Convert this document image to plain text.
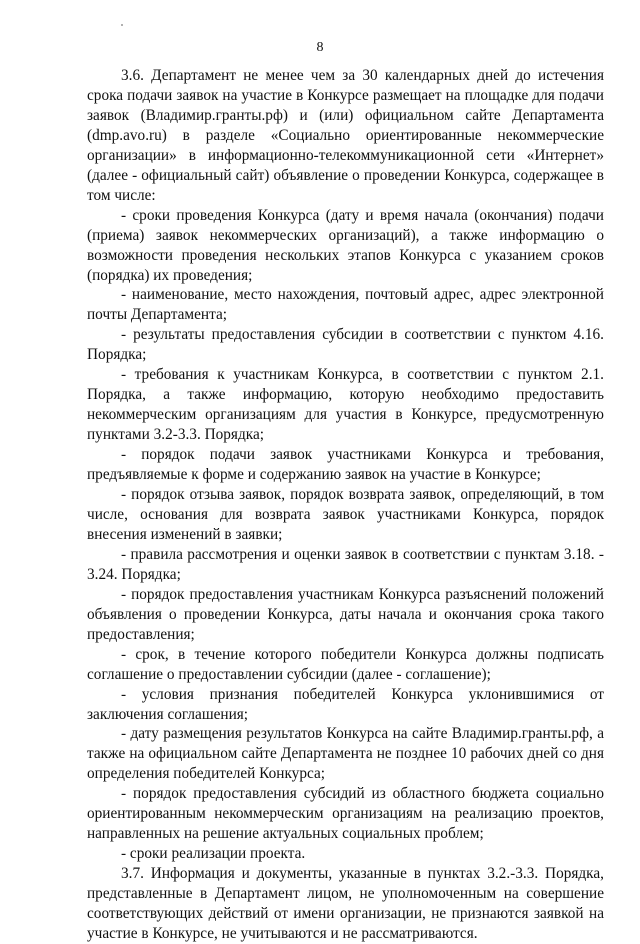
8

3.6. Департамент не менее чем за 30 календарных дней до истечения срока подачи заявок на участие в Конкурсе размещает на площадке для подачи заявок (Владимир.гранты.рф) и (или) официальном сайте Департамента (dmp.avo.ru) в разделе «Социально ориентированные некоммерческие организации» в информационно-телекоммуникационной сети «Интернет» (далее - официальный сайт) объявление о проведении Конкурса, содержащее в том числе:

- сроки проведения Конкурса (дату и время начала (окончания) подачи (приема) заявок некоммерческих организаций), а также информацию о возможности проведения нескольких этапов Конкурса с указанием сроков (порядка) их проведения;

- наименование, место нахождения, почтовый адрес, адрес электронной почты Департамента;

- результаты предоставления субсидии в соответствии с пунктом 4.16. Порядка;

- требования к участникам Конкурса, в соответствии с пунктом 2.1. Порядка, а также информацию, которую необходимо предоставить некоммерческим организациям для участия в Конкурсе, предусмотренную пунктами 3.2-3.3. Порядка;

- порядок подачи заявок участниками Конкурса и требования, предъявляемые к форме и содержанию заявок на участие в Конкурсе;

- порядок отзыва заявок, порядок возврата заявок, определяющий, в том числе, основания для возврата заявок участниками Конкурса, порядок внесения изменений в заявки;

- правила рассмотрения и оценки заявок в соответствии с пунктам 3.18. - 3.24. Порядка;

- порядок предоставления участникам Конкурса разъяснений положений объявления о проведении Конкурса, даты начала и окончания срока такого предоставления;

- срок, в течение которого победители Конкурса должны подписать соглашение о предоставлении субсидии (далее - соглашение);

- условия признания победителей Конкурса уклонившимися от заключения соглашения;

- дату размещения результатов Конкурса на сайте Владимир.гранты.рф, а также на официальном сайте Департамента не позднее 10 рабочих дней со дня определения победителей Конкурса;

- порядок предоставления субсидий из областного бюджета социально ориентированным некоммерческим организациям на реализацию проектов, направленных на решение актуальных социальных проблем;

- сроки реализации проекта.

3.7. Информация и документы, указанные в пунктах 3.2.-3.3. Порядка, представленные в Департамент лицом, не уполномоченным на совершение соответствующих действий от имени организации, не признаются заявкой на участие в Конкурсе, не учитываются и не рассматриваются.
